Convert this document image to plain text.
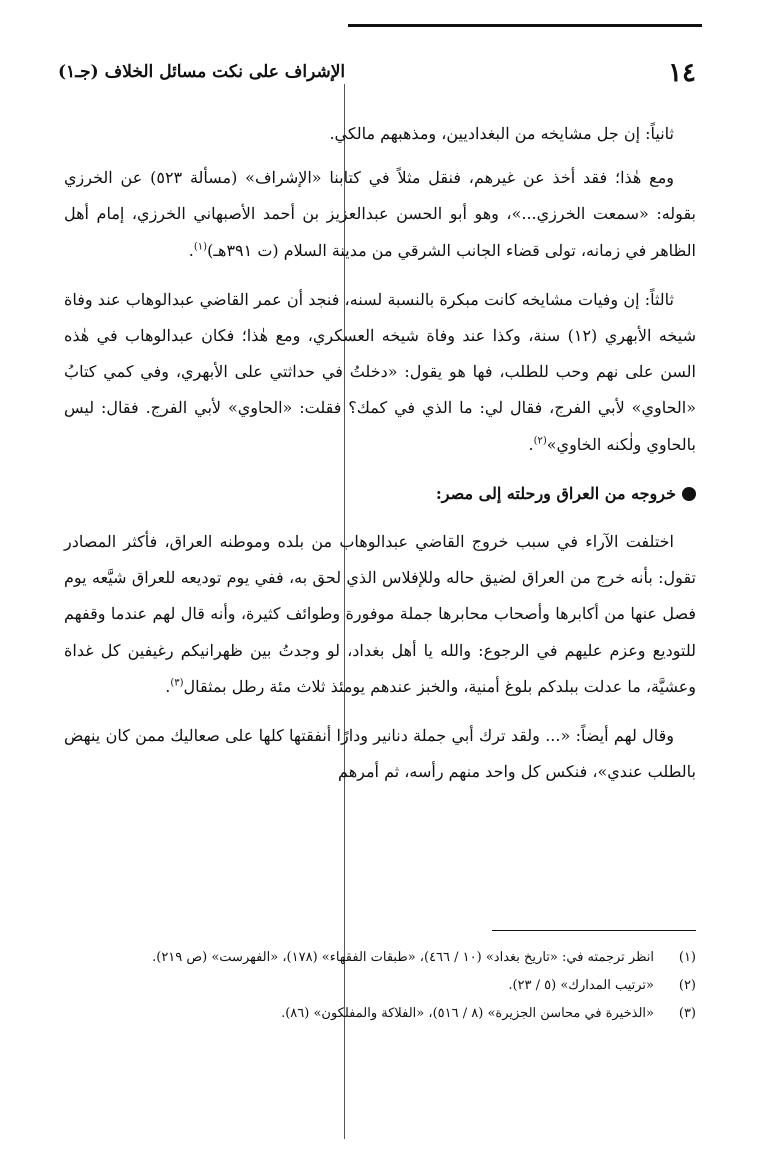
١٤
الإشراف على نكت مسائل الخلاف (جـ١)

ثانياً: إن جل مشايخه من البغداديين، ومذهبهم مالكي.

ومع هٰذا؛ فقد أخذ عن غيرهم، فنقل مثلاً في كتابنا «الإشراف» (مسألة ٥٢٣) عن الخرزي بقوله: «سمعت الخرزي...»، وهو أبو الحسن عبدالعزيز بن أحمد الأصبهاني الخرزي، إمام أهل الظاهر في زمانه، تولى قضاء الجانب الشرقي من مدينة السلام (ت ٣٩١هـ)$^{(١)}$.

ثالثاً: إن وفيات مشايخه كانت مبكرة بالنسبة لسنه، فنجد أن عمر القاضي عبدالوهاب عند وفاة شيخه الأبهري (١٢) سنة، وكذا عند وفاة شيخه العسكري، ومع هٰذا؛ فكان عبدالوهاب في هٰذه السن على نهم وحب للطلب، فها هو يقول: «دخلتُ في حداثتي على الأبهري، وفي كمي كتابُ «الحاوي» لأبي الفرج، فقال لي: ما الذي في كمك؟ فقلت: «الحاوي» لأبي الفرج. فقال: ليس بالحاوي ولٰكنه الخاوي»$^{(٢)}$.

خروجه من العراق ورحلته إلى مصر:

اختلفت الآراء في سبب خروج القاضي عبدالوهاب من بلده وموطنه العراق، فأكثر المصادر تقول: بأنه خرج من العراق لضيق حاله وللإفلاس الذي لحق به، ففي يوم توديعه للعراق شيَّعه يوم فصل عنها من أكابرها وأصحاب محابرها جملة موفورة وطوائف كثيرة، وأنه قال لهم عندما وقفهم للتوديع وعزم عليهم في الرجوع: والله يا أهل بغداد، لو وجدتُ بين ظهرانيكم رغيفين كل غداة وعشيَّة، ما عدلت ببلدكم بلوغ أمنية، والخبز عندهم يومئذ ثلاث مئة رطل بمثقال$^{(٣)}$.

وقال لهم أيضاً: «... ولقد ترك أبي جملة دنانير ودارًا أنفقتها كلها على صعاليك ممن كان ينهض بالطلب عندي»، فنكس كل واحد منهم رأسه، ثم أمرهم

(١)
انظر ترجمته في: «تاريخ بغداد» (١٠ / ٤٦٦)، «طبقات الفقهاء» (١٧٨)، «الفهرست» (ص ٢١٩).
(٢)
«ترتيب المدارك» (٥ / ٢٣).
(٣)
«الذخيرة في محاسن الجزيرة» (٨ / ٥١٦)، «الفلاكة والمفلكون» (٨٦).
